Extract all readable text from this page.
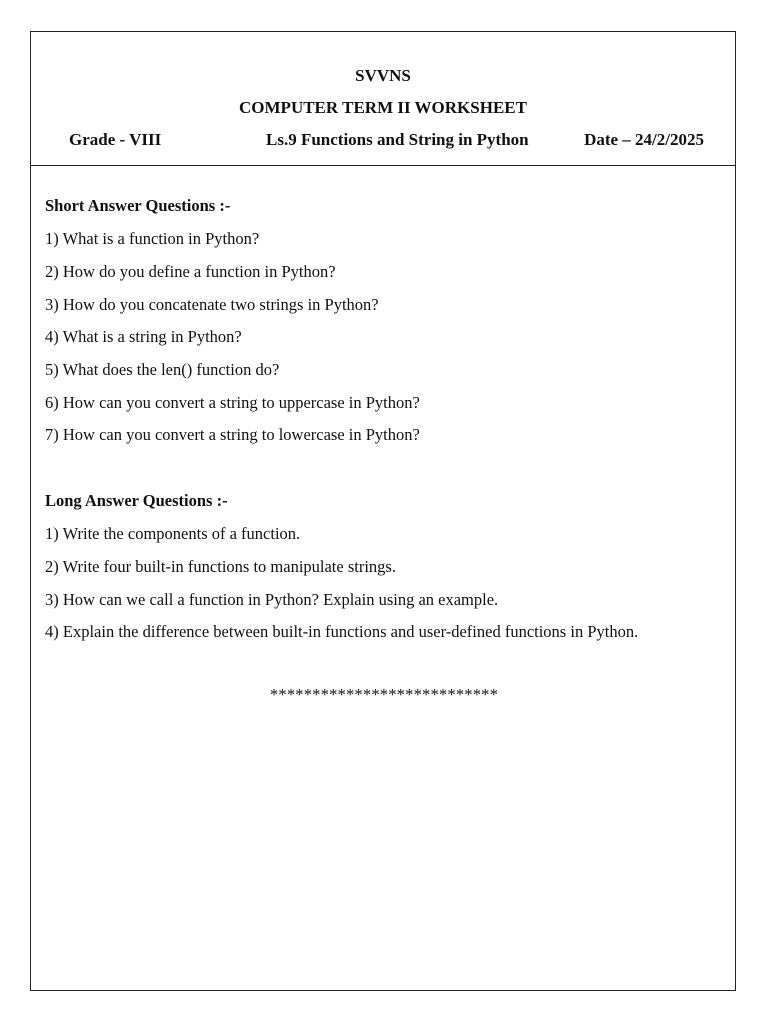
SVVNS
COMPUTER TERM II WORKSHEET
Grade - VIII	Ls.9 Functions and String in Python	Date – 24/2/2025
Short Answer Questions :-
1) What is a function in Python?
2) How do you define a function in Python?
3) How do you concatenate two strings in Python?
4) What is a string in Python?
5) What does the len() function do?
6) How can you convert a string to uppercase in Python?
7) How can you convert a string to lowercase in Python?
Long Answer Questions :-
1) Write the components of a function.
2) Write four built-in functions to manipulate strings.
3) How can we call a function in Python? Explain using an example.
4) Explain the difference between built-in functions and user-defined functions in Python.
***************************
